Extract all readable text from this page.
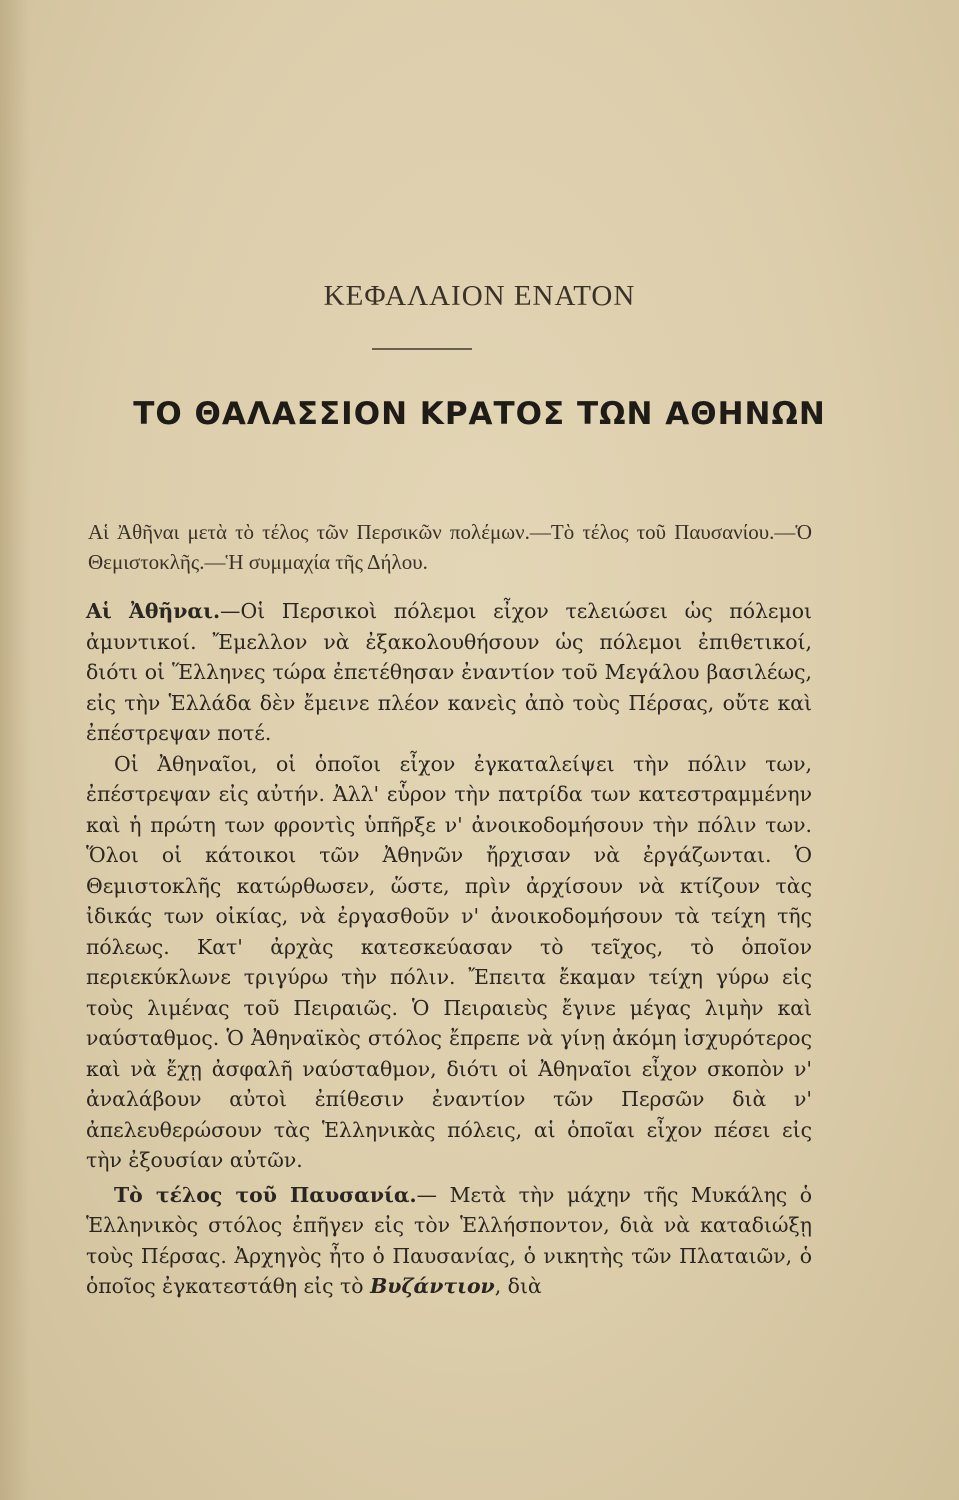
ΚΕΦΑΛΑΙΟΝ ΕΝΑΤΟΝ
ΤΟ ΘΑΛΑΣΣΙΟΝ ΚΡΑΤΟΣ ΤΩΝ ΑΘΗΝΩΝ
Αἱ Ἀθῆναι μετὰ τὸ τέλος τῶν Περσικῶν πολέμων.—Τὸ τέλος τοῦ Παυσανίου.—Ὁ Θεμιστοκλῆς.—Ἡ συμμαχία τῆς Δήλου.

Αἱ Ἀθῆναι.—Οἱ Περσικοὶ πόλεμοι εἶχον τελειώσει ὡς πόλεμοι ἀμυντικοί. Ἔμελλον νὰ ἐξακολουθήσουν ὡς πόλεμοι ἐπιθετικοί, διότι οἱ Ἕλληνες τώρα ἐπετέθησαν ἐναντίον τοῦ Μεγάλου βασιλέως, εἰς τὴν Ἑλλάδα δὲν ἔμεινε πλέον κανεὶς ἀπὸ τοὺς Πέρσας, οὔτε καὶ ἐπέστρεψαν ποτέ.

Οἱ Ἀθηναῖοι, οἱ ὁποῖοι εἶχον ἐγκαταλείψει τὴν πόλιν των, ἐπέστρεψαν εἰς αὐτήν. Ἀλλ' εὗρον τὴν πατρίδα των κατεστραμμένην καὶ ἡ πρώτη των φροντὶς ὑπῆρξε ν' ἀνοικοδομήσουν τὴν πόλιν των. Ὅλοι οἱ κάτοικοι τῶν Ἀθηνῶν ἤρχισαν νὰ ἐργάζωνται. Ὁ Θεμιστοκλῆς κατώρθωσεν, ὥστε, πρὶν ἀρχίσουν νὰ κτίζουν τὰς ἰδικάς των οἰκίας, νὰ ἐργασθοῦν ν' ἀνοικοδομήσουν τὰ τείχη τῆς πόλεως. Κατ' ἀρχὰς κατεσκεύασαν τὸ τεῖχος, τὸ ὁποῖον περιεκύκλωνε τριγύρω τὴν πόλιν. Ἔπειτα ἔκαμαν τείχη γύρω εἰς τοὺς λιμένας τοῦ Πειραιῶς. Ὁ Πειραιεὺς ἔγινε μέγας λιμὴν καὶ ναύσταθμος. Ὁ Ἀθηναϊκὸς στόλος ἔπρεπε νὰ γίνῃ ἀκόμη ἰσχυρότερος καὶ νὰ ἔχῃ ἀσφαλῆ ναύσταθμον, διότι οἱ Ἀθηναῖοι εἶχον σκοπὸν ν' ἀναλάβουν αὐτοὶ ἐπίθεσιν ἐναντίον τῶν Περσῶν διὰ ν' ἀπελευθερώσουν τὰς Ἑλληνικὰς πόλεις, αἱ ὁποῖαι εἶχον πέσει εἰς τὴν ἐξουσίαν αὐτῶν.

Τὸ τέλος τοῦ Παυσανία.— Μετὰ τὴν μάχην τῆς Μυκάλης ὁ Ἑλληνικὸς στόλος ἐπῆγεν εἰς τὸν Ἑλλήσποντον, διὰ νὰ καταδιώξῃ τοὺς Πέρσας. Ἀρχηγὸς ἦτο ὁ Παυσανίας, ὁ νικητὴς τῶν Πλαταιῶν, ὁ ὁποῖος ἐγκατεστάθη εἰς τὸ Βυζάντιον, διὰ
